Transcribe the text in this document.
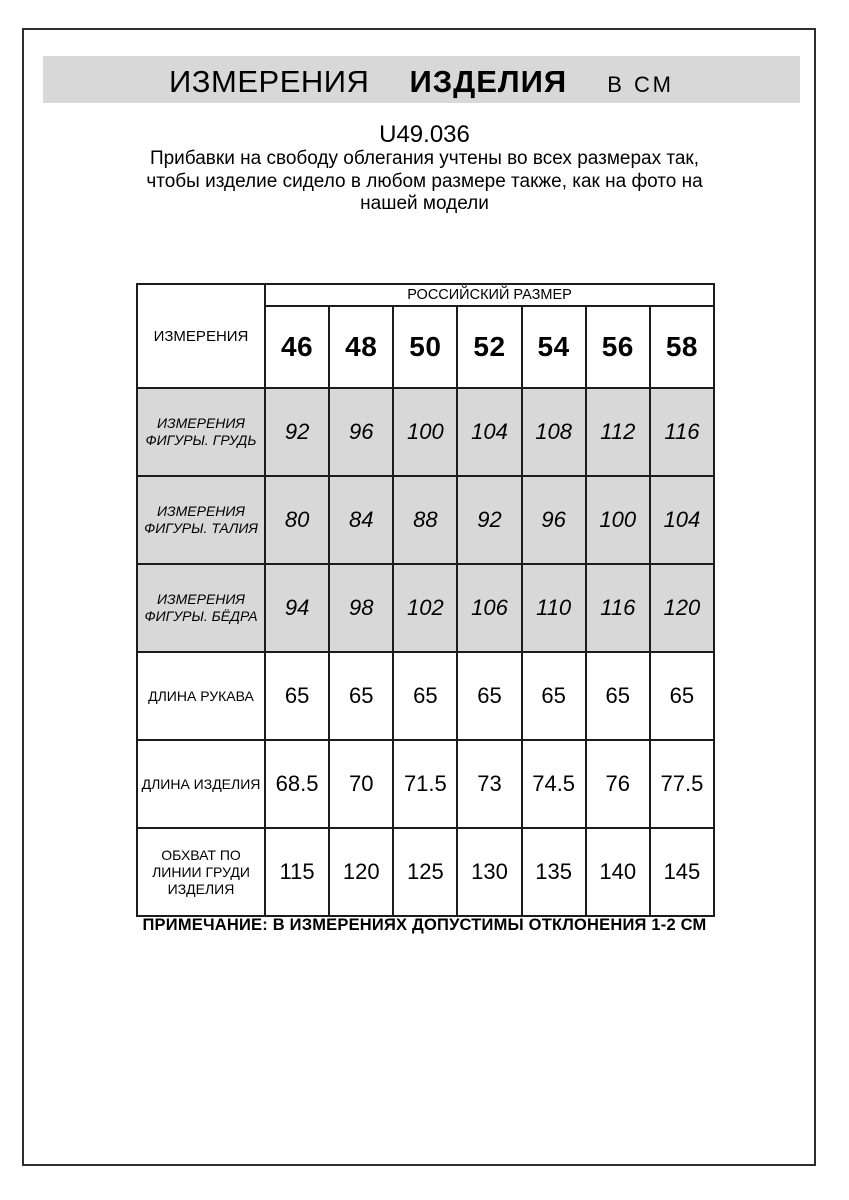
ИЗМЕРЕНИЯ ИЗДЕЛИЯ В СМ
U49.036
Прибавки на свободу облегания учтены во всех размерах так,
чтобы изделие сидело в любом размере также, как на фото на
нашей модели
ИЗМЕРЕНИЯ	РОССИЙСКИЙ РАЗМЕР						
	46	48	50	52	54	56	58
ИЗМЕРЕНИЯ ФИГУРЫ. ГРУДЬ	92	96	100	104	108	112	116
ИЗМЕРЕНИЯ ФИГУРЫ. ТАЛИЯ	80	84	88	92	96	100	104
ИЗМЕРЕНИЯ ФИГУРЫ. БЁДРА	94	98	102	106	110	116	120
ДЛИНА РУКАВА	65	65	65	65	65	65	65
ДЛИНА ИЗДЕЛИЯ	68.5	70	71.5	73	74.5	76	77.5
ОБХВАТ ПО ЛИНИИ ГРУДИ ИЗДЕЛИЯ	115	120	125	130	135	140	145
ПРИМЕЧАНИЕ: В ИЗМЕРЕНИЯХ ДОПУСТИМЫ ОТКЛОНЕНИЯ 1-2 СМ
